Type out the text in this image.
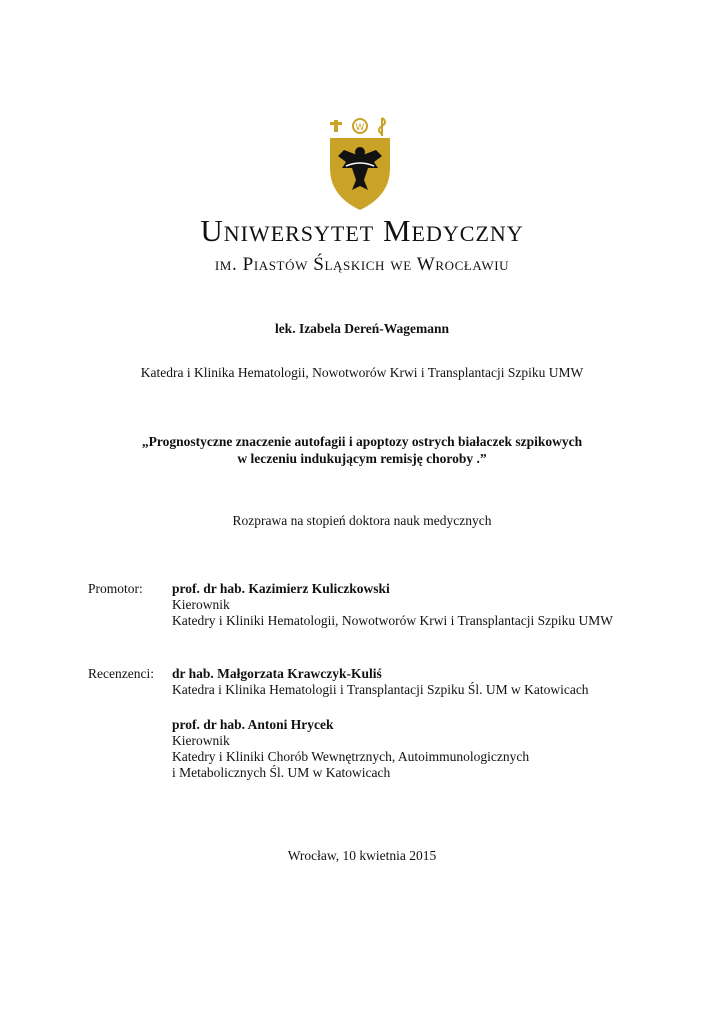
W
Uniwersytet Medyczny
im. Piastów Śląskich we Wrocławiu
lek. Izabela Dereń-Wagemann
Katedra i Klinika Hematologii, Nowotworów Krwi i Transplantacji Szpiku UMW
„Prognostyczne znaczenie autofagii i apoptozy ostrych białaczek szpikowych
w leczeniu indukującym remisję choroby .”
Rozprawa na stopień doktora nauk medycznych
Promotor: prof. dr hab. Kazimierz Kuliczkowski
Kierownik
Katedry i Kliniki Hematologii, Nowotworów Krwi i Transplantacji Szpiku UMW
Recenzenci: dr hab. Małgorzata Krawczyk-Kuliś
Katedra i Klinika Hematologii i Transplantacji Szpiku Śl. UM w Katowicach
prof. dr hab. Antoni Hrycek
Kierownik
Katedry i Kliniki Chorób Wewnętrznych, Autoimmunologicznych
i Metabolicznych Śl. UM w Katowicach
Wrocław, 10 kwietnia 2015
